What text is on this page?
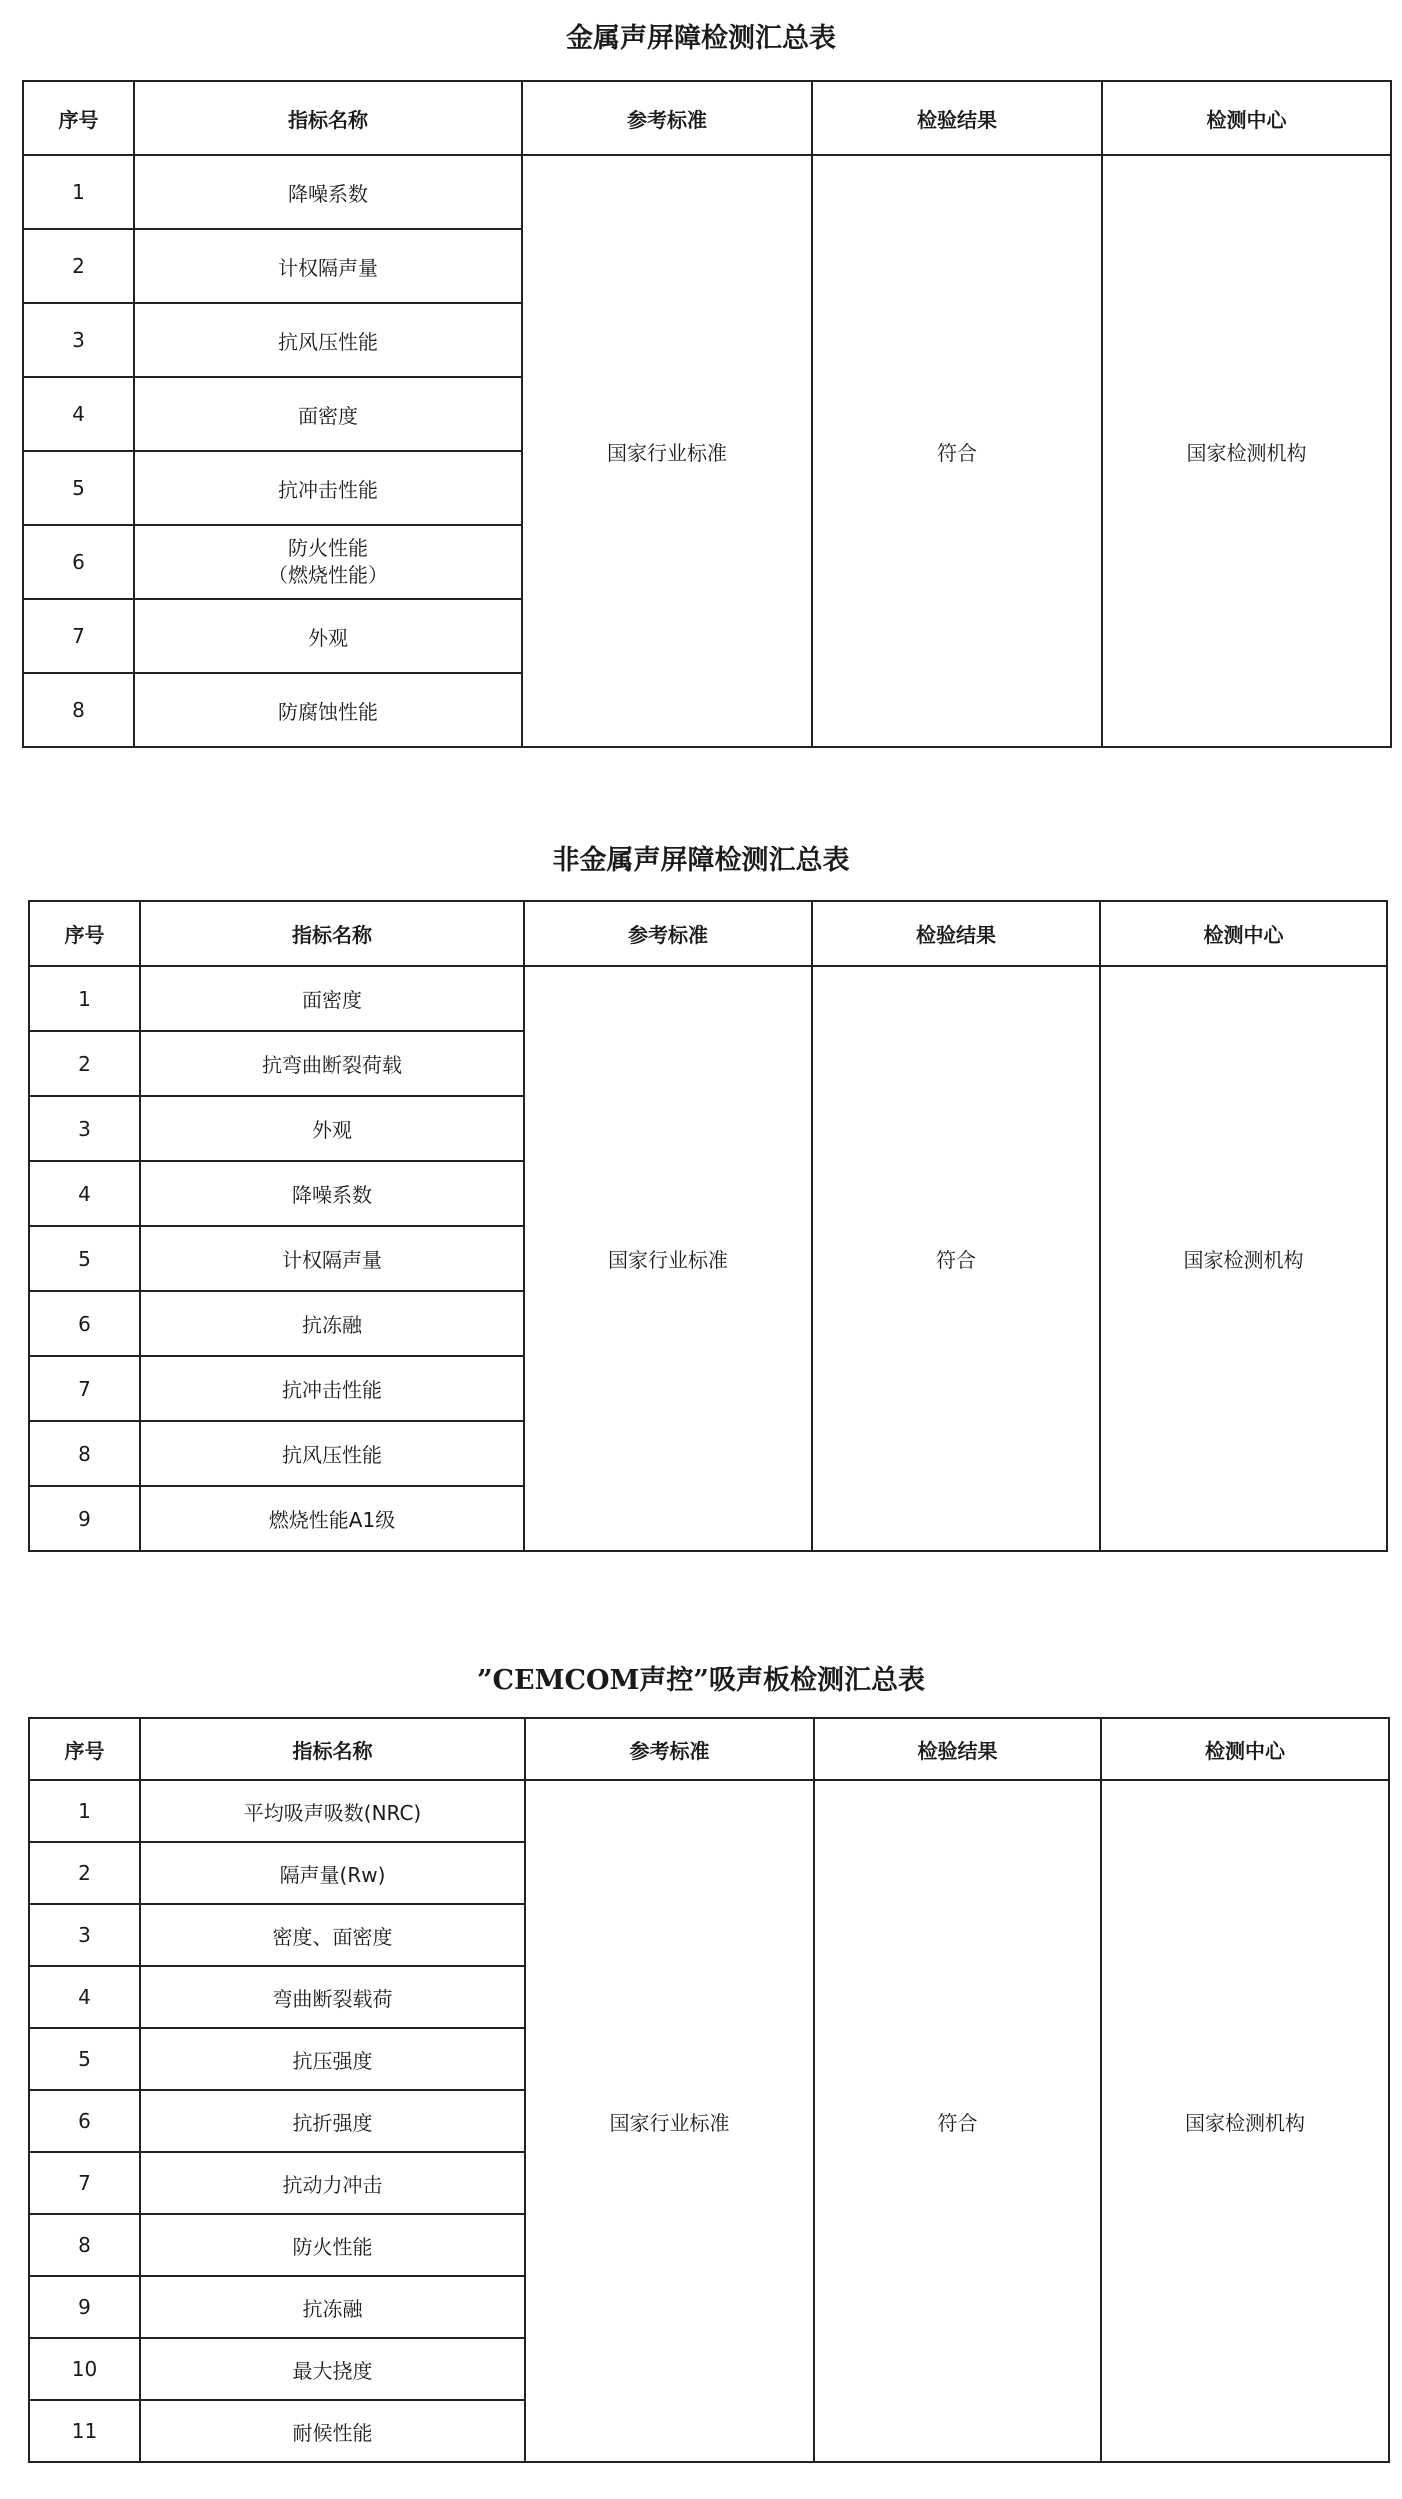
金属声屏障检测汇总表
序号	指标名称	参考标准	检验结果	检测中心
1	降噪系数	国家行业标准	符合	国家检测机构
2	计权隔声量			
3	抗风压性能			
4	面密度			
5	抗冲击性能			
6	防火性能
（燃烧性能）			

7	外观			
8	防腐蚀性能			
非金属声屏障检测汇总表
序号	指标名称	参考标准	检验结果	检测中心
1	面密度	国家行业标准	符合	国家检测机构
2	抗弯曲断裂荷载			
3	外观			
4	降噪系数			
5	计权隔声量			
6	抗冻融			
7	抗冲击性能			
8	抗风压性能			
9	燃烧性能A1级			
”CEMCOM声控”吸声板检测汇总表
序号	指标名称	参考标准	检验结果	检测中心
1	平均吸声吸数(NRC)	国家行业标准	符合	国家检测机构
2	隔声量(Rw)			
3	密度、面密度			
4	弯曲断裂载荷			
5	抗压强度			
6	抗折强度			
7	抗动力冲击			
8	防火性能			
9	抗冻融			
10	最大挠度			
11	耐候性能			
